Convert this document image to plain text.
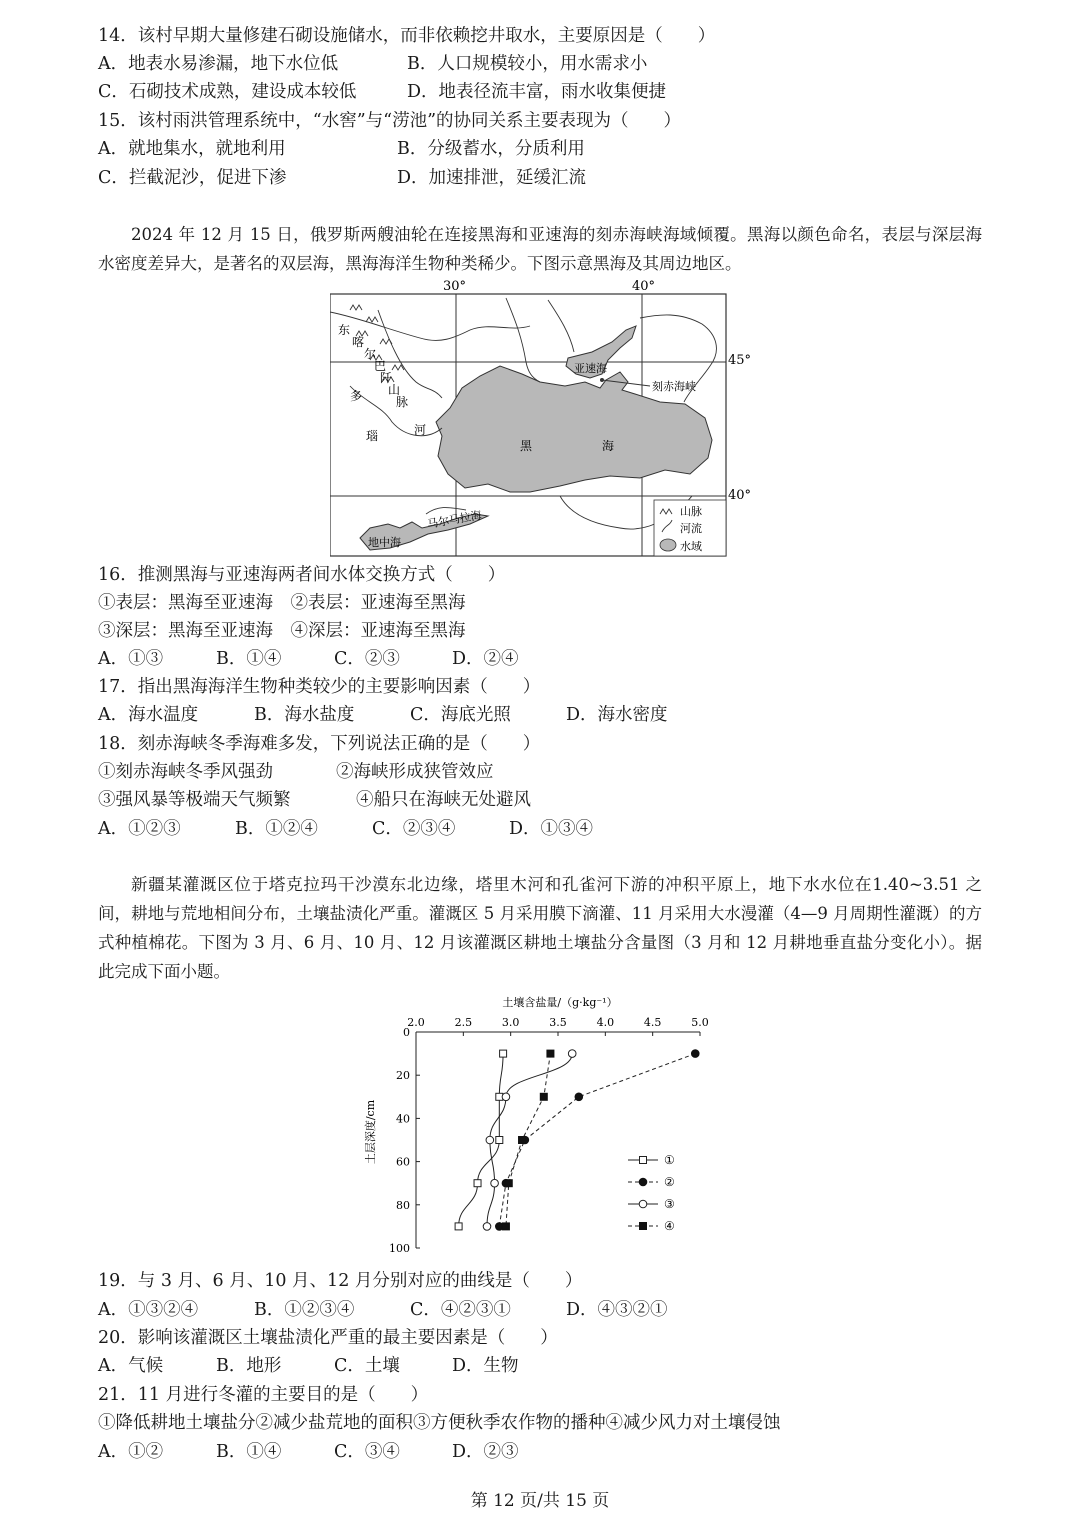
14．该村早期大量修建石砌设施储水，而非依赖挖井取水，主要原因是（　　）
A．地表水易渗漏，地下水位低	B．人口规模较小，用水需求小
C．石砌技术成熟，建设成本较低	D．地表径流丰富，雨水收集便捷
15．该村雨洪管理系统中，“水窖”与“涝池”的协同关系主要表现为（　　）
A．就地集水，就地利用	B．分级蓄水，分质利用
C．拦截泥沙，促进下渗	D．加速排泄，延缓汇流
2024 年 12 月 15 日，俄罗斯两艘油轮在连接黑海和亚速海的刻赤海峡海域倾覆。黑海以颜色命名，表层与深层海水密度差异大，是著名的双层海，黑海海洋生物种类稀少。下图示意黑海及其周边地区。
30°	40°
45°
40°
东
喀
尔
巴
阡
山
脉
多
瑙	河
亚速海
刻赤海峡
黑	海
马尔马拉海
地中海
山脉
河流
水域
16．推测黑海与亚速海两者间水体交换方式（　　）
①表层：黑海至亚速海　②表层：亚速海至黑海
③深层：黑海至亚速海　④深层：亚速海至黑海
A．①③	B．①④	C．②③	D．②④
17．指出黑海海洋生物种类较少的主要影响因素（　　）
A．海水温度	B．海水盐度	C．海底光照	D．海水密度
18．刻赤海峡冬季海难多发，下列说法正确的是（　　）
①刻赤海峡冬季风强劲	②海峡形成狭管效应
③强风暴等极端天气频繁	④船只在海峡无处避风
A．①②③	B．①②④	C．②③④	D．①③④
新疆某灌溉区位于塔克拉玛干沙漠东北边缘，塔里木河和孔雀河下游的冲积平原上，地下水水位在1.40~3.51 之间，耕地与荒地相间分布，土壤盐渍化严重。灌溉区 5 月采用膜下滴灌、11 月采用大水漫灌（4—9 月周期性灌溉）的方式种植棉花。下图为 3 月、6 月、10 月、12 月该灌溉区耕地土壤盐分含量图（3 月和 12 月耕地垂直盐分变化小）。据此完成下面小题。
土壤含盐量/（g·kg⁻¹）
土层深度/cm
2.0	2.5	3.0	3.5	4.0	4.5	5.0
0
20
40
60
80
100
①
②
③
④
19．与 3 月、6 月、10 月、12 月分别对应的曲线是（　　）
A．①③②④	B．①②③④	C．④②③①	D．④③②①
20．影响该灌溉区土壤盐渍化严重的最主要因素是（　　）
A．气候	B．地形	C．土壤	D．生物
21．11 月进行冬灌的主要目的是（　　）
①降低耕地土壤盐分②减少盐荒地的面积③方便秋季农作物的播种④减少风力对土壤侵蚀
A．①②	B．①④	C．③④	D．②③
第 12 页/共 15 页
